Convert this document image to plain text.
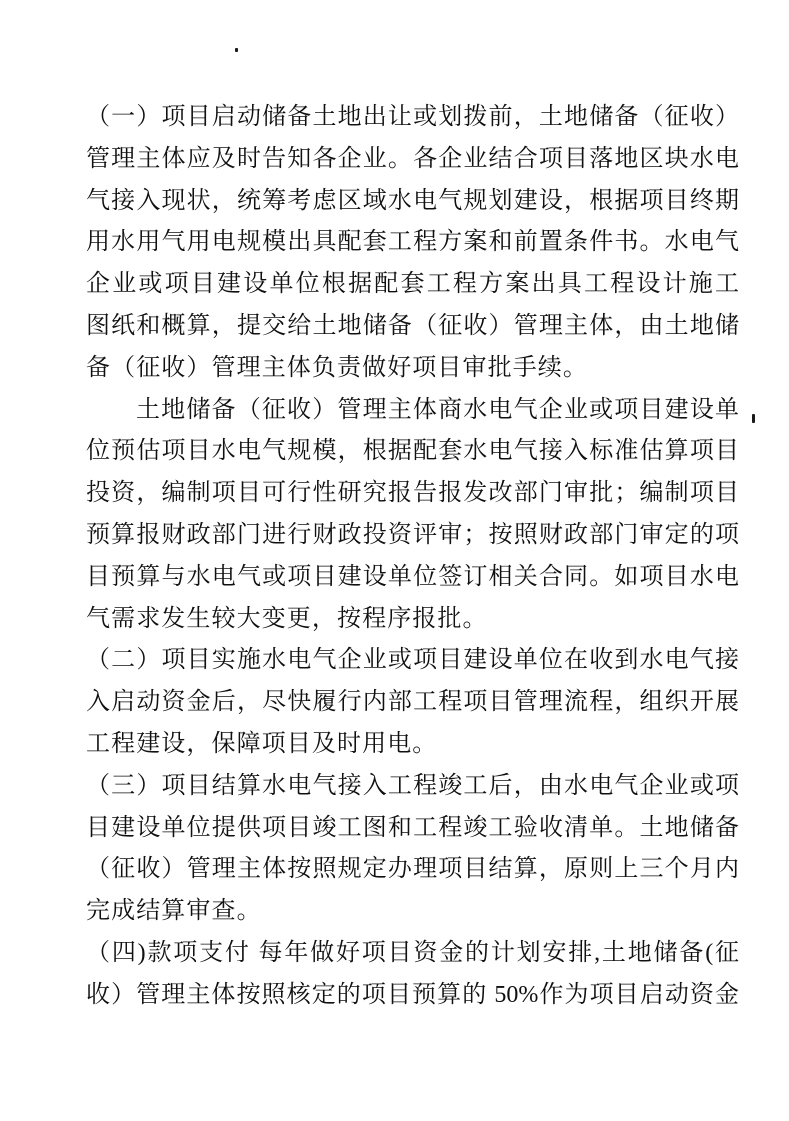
（一）项目启动储备土地出让或划拨前，土地储备（征收）
管理主体应及时告知各企业。各企业结合项目落地区块水电
气接入现状，统筹考虑区域水电气规划建设，根据项目终期
用水用气用电规模出具配套工程方案和前置条件书。水电气
企业或项目建设单位根据配套工程方案出具工程设计施工
图纸和概算，提交给土地储备（征收）管理主体，由土地储
备（征收）管理主体负责做好项目审批手续。
土地储备（征收）管理主体商水电气企业或项目建设单
位预估项目水电气规模，根据配套水电气接入标准估算项目
投资，编制项目可行性研究报告报发改部门审批；编制项目
预算报财政部门进行财政投资评审；按照财政部门审定的项
目预算与水电气或项目建设单位签订相关合同。如项目水电
气需求发生较大变更，按程序报批。
（二）项目实施水电气企业或项目建设单位在收到水电气接
入启动资金后，尽快履行内部工程项目管理流程，组织开展
工程建设，保障项目及时用电。
（三）项目结算水电气接入工程竣工后，由水电气企业或项
目建设单位提供项目竣工图和工程竣工验收清单。土地储备
（征收）管理主体按照规定办理项目结算，原则上三个月内
完成结算审查。
（四)款项支付 每年做好项目资金的计划安排,土地储备(征
收）管理主体按照核定的项目预算的 50%作为项目启动资金
